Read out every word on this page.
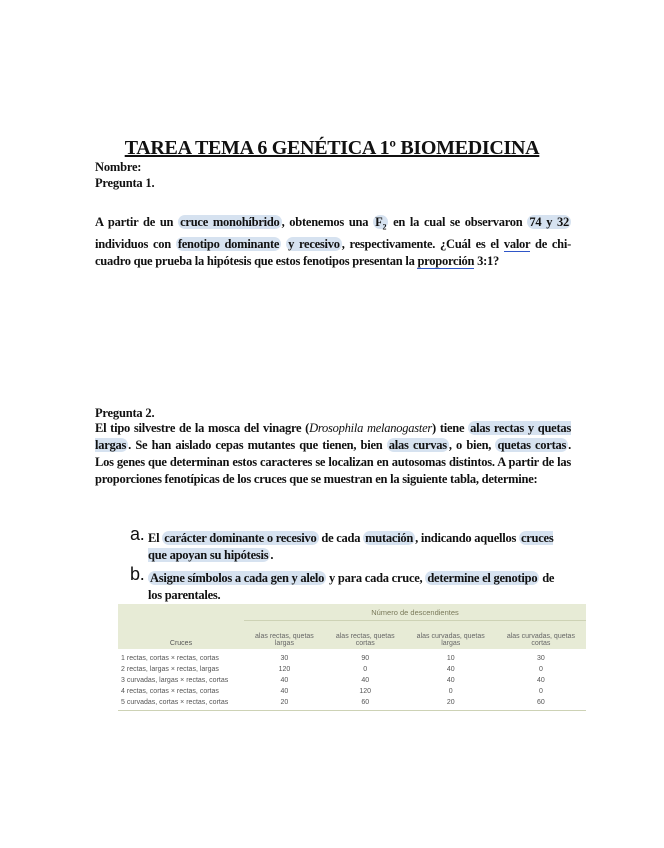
TAREA TEMA 6 GENÉTICA 1º BIOMEDICINA
Nombre:
Pregunta 1.
A partir de un cruce monohíbrido , obtenemos una $F_2$ en la cual se observaron 74 y 32 individuos con fenotipo dominante y recesivo , respectivamente. ¿Cuál es el valor de chi-cuadro que prueba la hipótesis que estos fenotipos presentan la proporción 3:1?
Pregunta 2.
El tipo silvestre de la mosca del vinagre (Drosophila melanogaster) tiene alas rectas y quetas largas . Se han aislado cepas mutantes que tienen, bien alas curvas , o bien, quetas cortas . Los genes que determinan estos caracteres se localizan en autosomas distintos. A partir de las proporciones fenotípicas de los cruces que se muestran en la siguiente tabla, determine:
a. El carácter dominante o recesivo de cada mutación , indicando aquellos cruces que apoyan su hipótesis .
b. Asigne símbolos a cada gen y alelo y para cada cruce, determine el genotipo de los parentales.
Cruces	Número de descendientes			
	alas rectas, quetas largas	alas rectas, quetas cortas	alas curvadas, quetas largas	alas curvadas, quetas cortas
1 rectas, cortas × rectas, cortas	30	90	10	30
2 rectas, largas × rectas, largas	120	0	40	0
3 curvadas, largas × rectas, cortas	40	40	40	40
4 rectas, cortas × rectas, cortas	40	120	0	0
5 curvadas, cortas × rectas, cortas	20	60	20	60
